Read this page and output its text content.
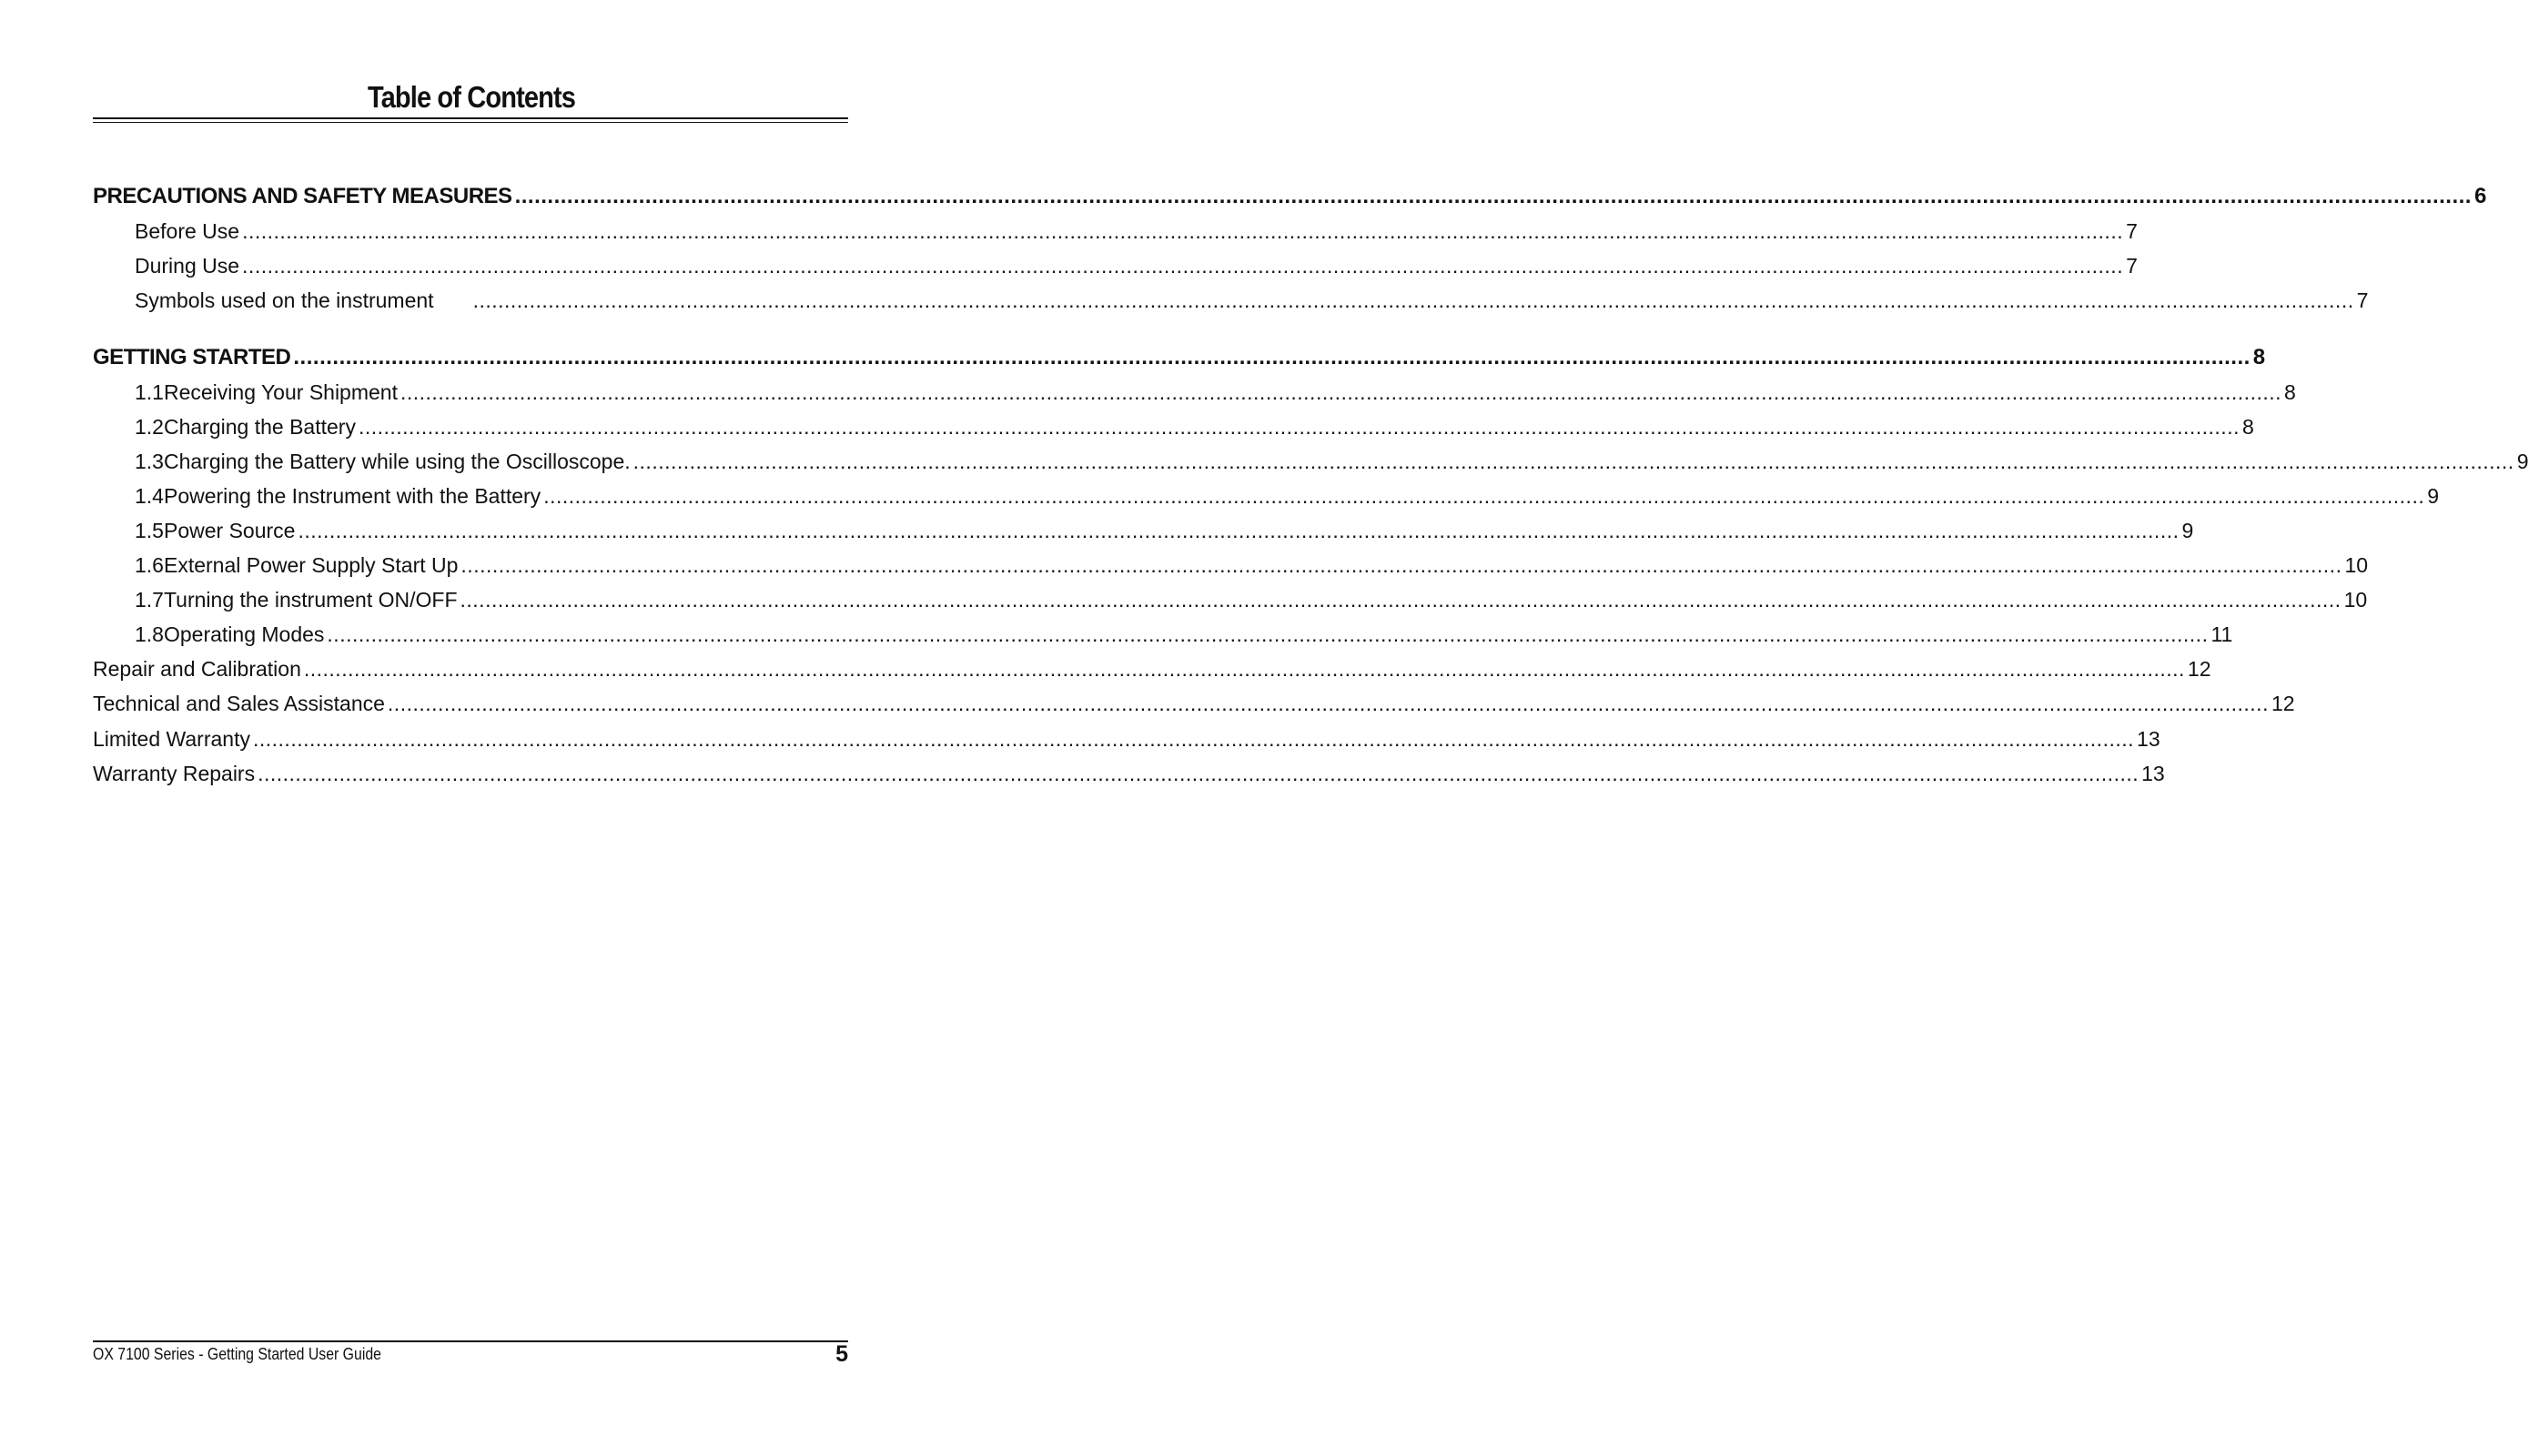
Table of Contents
PRECAUTIONS AND SAFETY MEASURES ............................................................................................................................................................................................................................................................................................................ 6
Before Use ............................................................................................................................................................................................................................................................................................................ 7
During Use ............................................................................................................................................................................................................................................................................................................ 7
Symbols used on the instrument ............................................................................................................................................................................................................................................................................................................ 7
GETTING STARTED ............................................................................................................................................................................................................................................................................................................ 8
1.1 Receiving Your Shipment ............................................................................................................................................................................................................................................................................................................ 8
1.2 Charging the Battery ............................................................................................................................................................................................................................................................................................................ 8
1.3 Charging the Battery while using the Oscilloscope. ............................................................................................................................................................................................................................................................................................................ 9
1.4 Powering the Instrument with the Battery ............................................................................................................................................................................................................................................................................................................ 9
1.5 Power Source ............................................................................................................................................................................................................................................................................................................ 9
1.6 External Power Supply Start Up ............................................................................................................................................................................................................................................................................................................ 10
1.7 Turning the instrument ON/OFF ............................................................................................................................................................................................................................................................................................................ 10
1.8 Operating Modes ............................................................................................................................................................................................................................................................................................................ 11
Repair and Calibration ............................................................................................................................................................................................................................................................................................................ 12
Technical and Sales Assistance ............................................................................................................................................................................................................................................................................................................ 12
Limited Warranty ............................................................................................................................................................................................................................................................................................................ 13
Warranty Repairs ............................................................................................................................................................................................................................................................................................................ 13
OX 7100 Series - Getting Started User Guide	5
